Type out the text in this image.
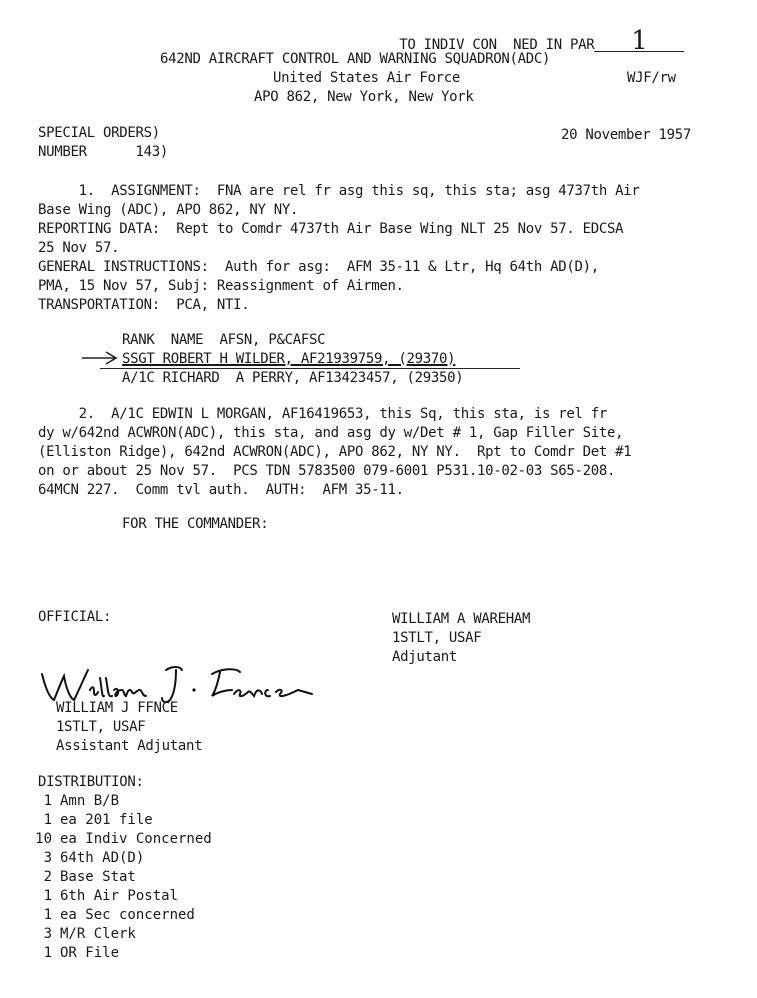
TO INDIV CON NED IN PAR 1

642ND AIRCRAFT CONTROL AND WARNING SQUADRON(ADC)
United States Air Force	WJF/rw
APO 862, New York, New York
SPECIAL ORDERS)
NUMBER      143)
20 November 1957
1.  ASSIGNMENT:  FNA are rel fr asg this sq, this sta; asg 4737th Air
Base Wing (ADC), APO 862, NY NY.
REPORTING DATA:  Rept to Comdr 4737th Air Base Wing NLT 25 Nov 57. EDCSA
25 Nov 57.
GENERAL INSTRUCTIONS:  Auth for asg:  AFM 35-11 & Ltr, Hq 64th AD(D),
PMA, 15 Nov 57, Subj: Reassignment of Airmen.
TRANSPORTATION:  PCA, NTI.
RANK  NAME  AFSN, P&CAFSC
SSGT ROBERT H WILDER, AF21939759, (29370)
A/1C RICHARD  A PERRY, AF13423457, (29350)
2.  A/1C EDWIN L MORGAN, AF16419653, this Sq, this sta, is rel fr
dy w/642nd ACWRON(ADC), this sta, and asg dy w/Det # 1, Gap Filler Site,
(Elliston Ridge), 642nd ACWRON(ADC), APO 862, NY NY.  Rpt to Comdr Det #1
on or about 25 Nov 57.  PCS TDN 5783500 079-6001 P531.10-02-03 S65-208.
64MCN 227.  Comm tvl auth.  AUTH:  AFM 35-11.
FOR THE COMMANDER:
OFFICIAL:	WILLIAM A WAREHAM
1STLT, USAF
Adjutant
WILLIAM J FFNCE
1STLT, USAF
Assistant Adjutant
DISTRIBUTION:
1 Amn B/B
1 ea 201 file
10 ea Indiv Concerned
3 64th AD(D)
2 Base Stat
1 6th Air Postal
1 ea Sec concerned
3 M/R Clerk
1 OR File
